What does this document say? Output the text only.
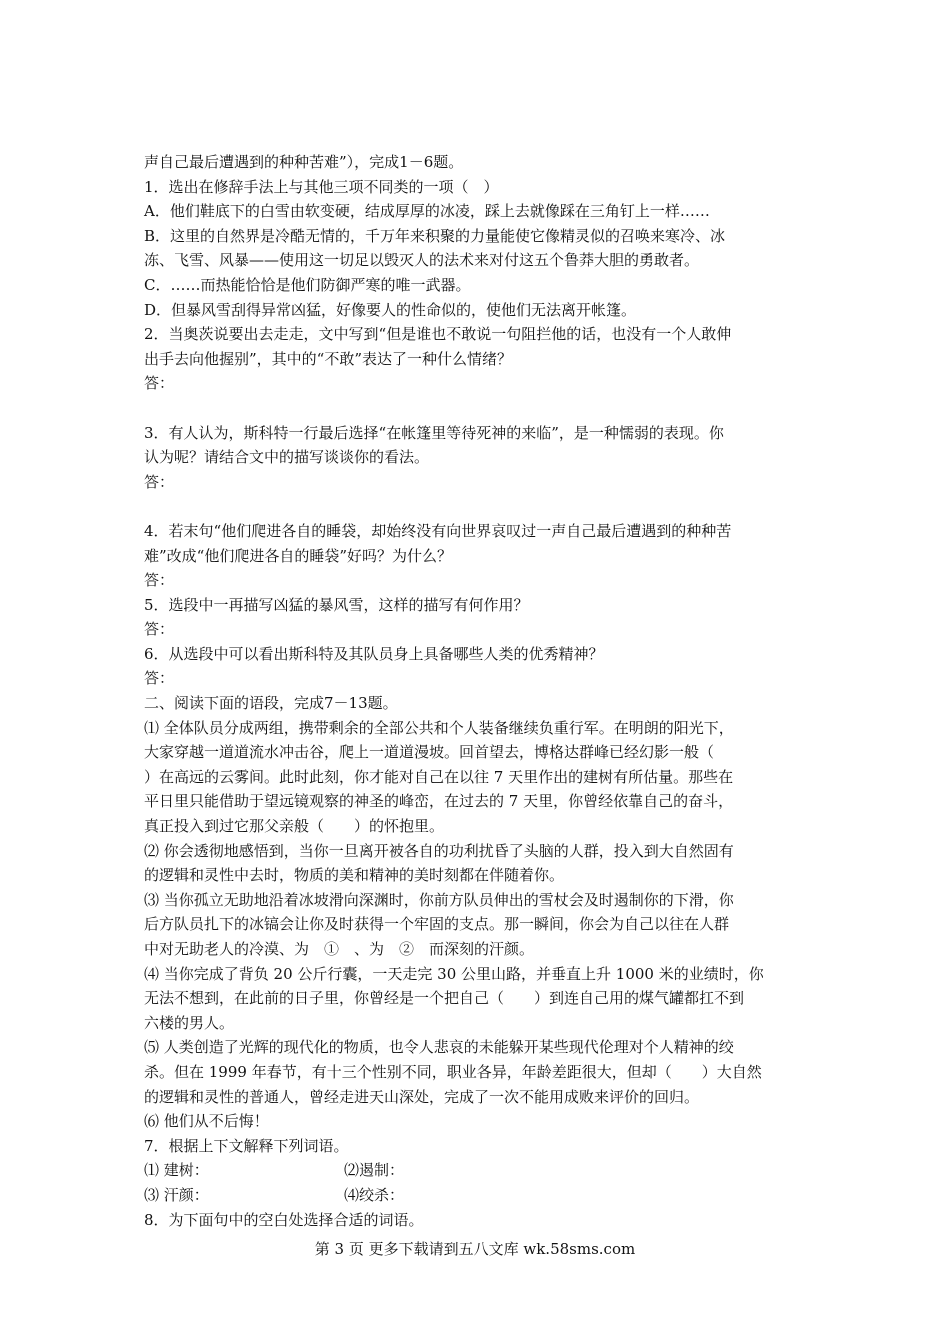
声自己最后遭遇到的种种苦难”），完成1－6题。
1．选出在修辞手法上与其他三项不同类的一项（　）
A．他们鞋底下的白雪由软变硬，结成厚厚的冰凌，踩上去就像踩在三角钉上一样……
B．这里的自然界是冷酷无情的，千万年来积聚的力量能使它像精灵似的召唤来寒冷、冰
冻、飞雪、风暴——使用这一切足以毁灭人的法术来对付这五个鲁莽大胆的勇敢者。
C．……而热能恰恰是他们防御严寒的唯一武器。
D．但暴风雪刮得异常凶猛，好像要人的性命似的，使他们无法离开帐篷。
2．当奥茨说要出去走走，文中写到“但是谁也不敢说一句阻拦他的话，也没有一个人敢伸
出手去向他握别”，其中的“不敢”表达了一种什么情绪？
答：
3．有人认为，斯科特一行最后选择“在帐篷里等待死神的来临”，是一种懦弱的表现。你
认为呢？请结合文中的描写谈谈你的看法。
答：
4．若末句“他们爬进各自的睡袋，却始终没有向世界哀叹过一声自己最后遭遇到的种种苦
难”改成“他们爬进各自的睡袋”好吗？为什么？
答：
5．选段中一再描写凶猛的暴风雪，这样的描写有何作用？
答：
6．从选段中可以看出斯科特及其队员身上具备哪些人类的优秀精神？
答：
二、阅读下面的语段，完成7－13题。
⑴ 全体队员分成两组，携带剩余的全部公共和个人装备继续负重行军。在明朗的阳光下，
大家穿越一道道流水冲击谷，爬上一道道漫坡。回首望去，博格达群峰已经幻影一般（
）在高远的云雾间。此时此刻，你才能对自己在以往 7 天里作出的建树有所估量。那些在
平日里只能借助于望远镜观察的神圣的峰峦，在过去的 7 天里，你曾经依靠自己的奋斗，
真正投入到过它那父亲般（　　）的怀抱里。
⑵ 你会透彻地感悟到，当你一旦离开被各自的功利扰昏了头脑的人群，投入到大自然固有
的逻辑和灵性中去时，物质的美和精神的美时刻都在伴随着你。
⑶ 当你孤立无助地沿着冰坡滑向深渊时，你前方队员伸出的雪杖会及时遏制你的下滑，你
后方队员扎下的冰镐会让你及时获得一个牢固的支点。那一瞬间，你会为自己以往在人群
中对无助老人的冷漠、为　①　、为　②　而深刻的汗颜。
⑷ 当你完成了背负 20 公斤行囊，一天走完 30 公里山路，并垂直上升 1000 米的业绩时，你
无法不想到，在此前的日子里，你曾经是一个把自己（　　）到连自己用的煤气罐都扛不到
六楼的男人。
⑸ 人类创造了光辉的现代化的物质，也令人悲哀的未能躲开某些现代伦理对个人精神的绞
杀。但在 1999 年春节，有十三个性别不同，职业各异，年龄差距很大，但却（　　）大自然
的逻辑和灵性的普通人，曾经走进天山深处，完成了一次不能用成败来评价的回归。
⑹ 他们从不后悔！
7．根据上下文解释下列词语。
⑴ 建树：	⑵遏制：
⑶ 汗颜：	⑷绞杀：
8．为下面句中的空白处选择合适的词语。
第 3 页 更多下载请到五八文库 wk.58sms.com
